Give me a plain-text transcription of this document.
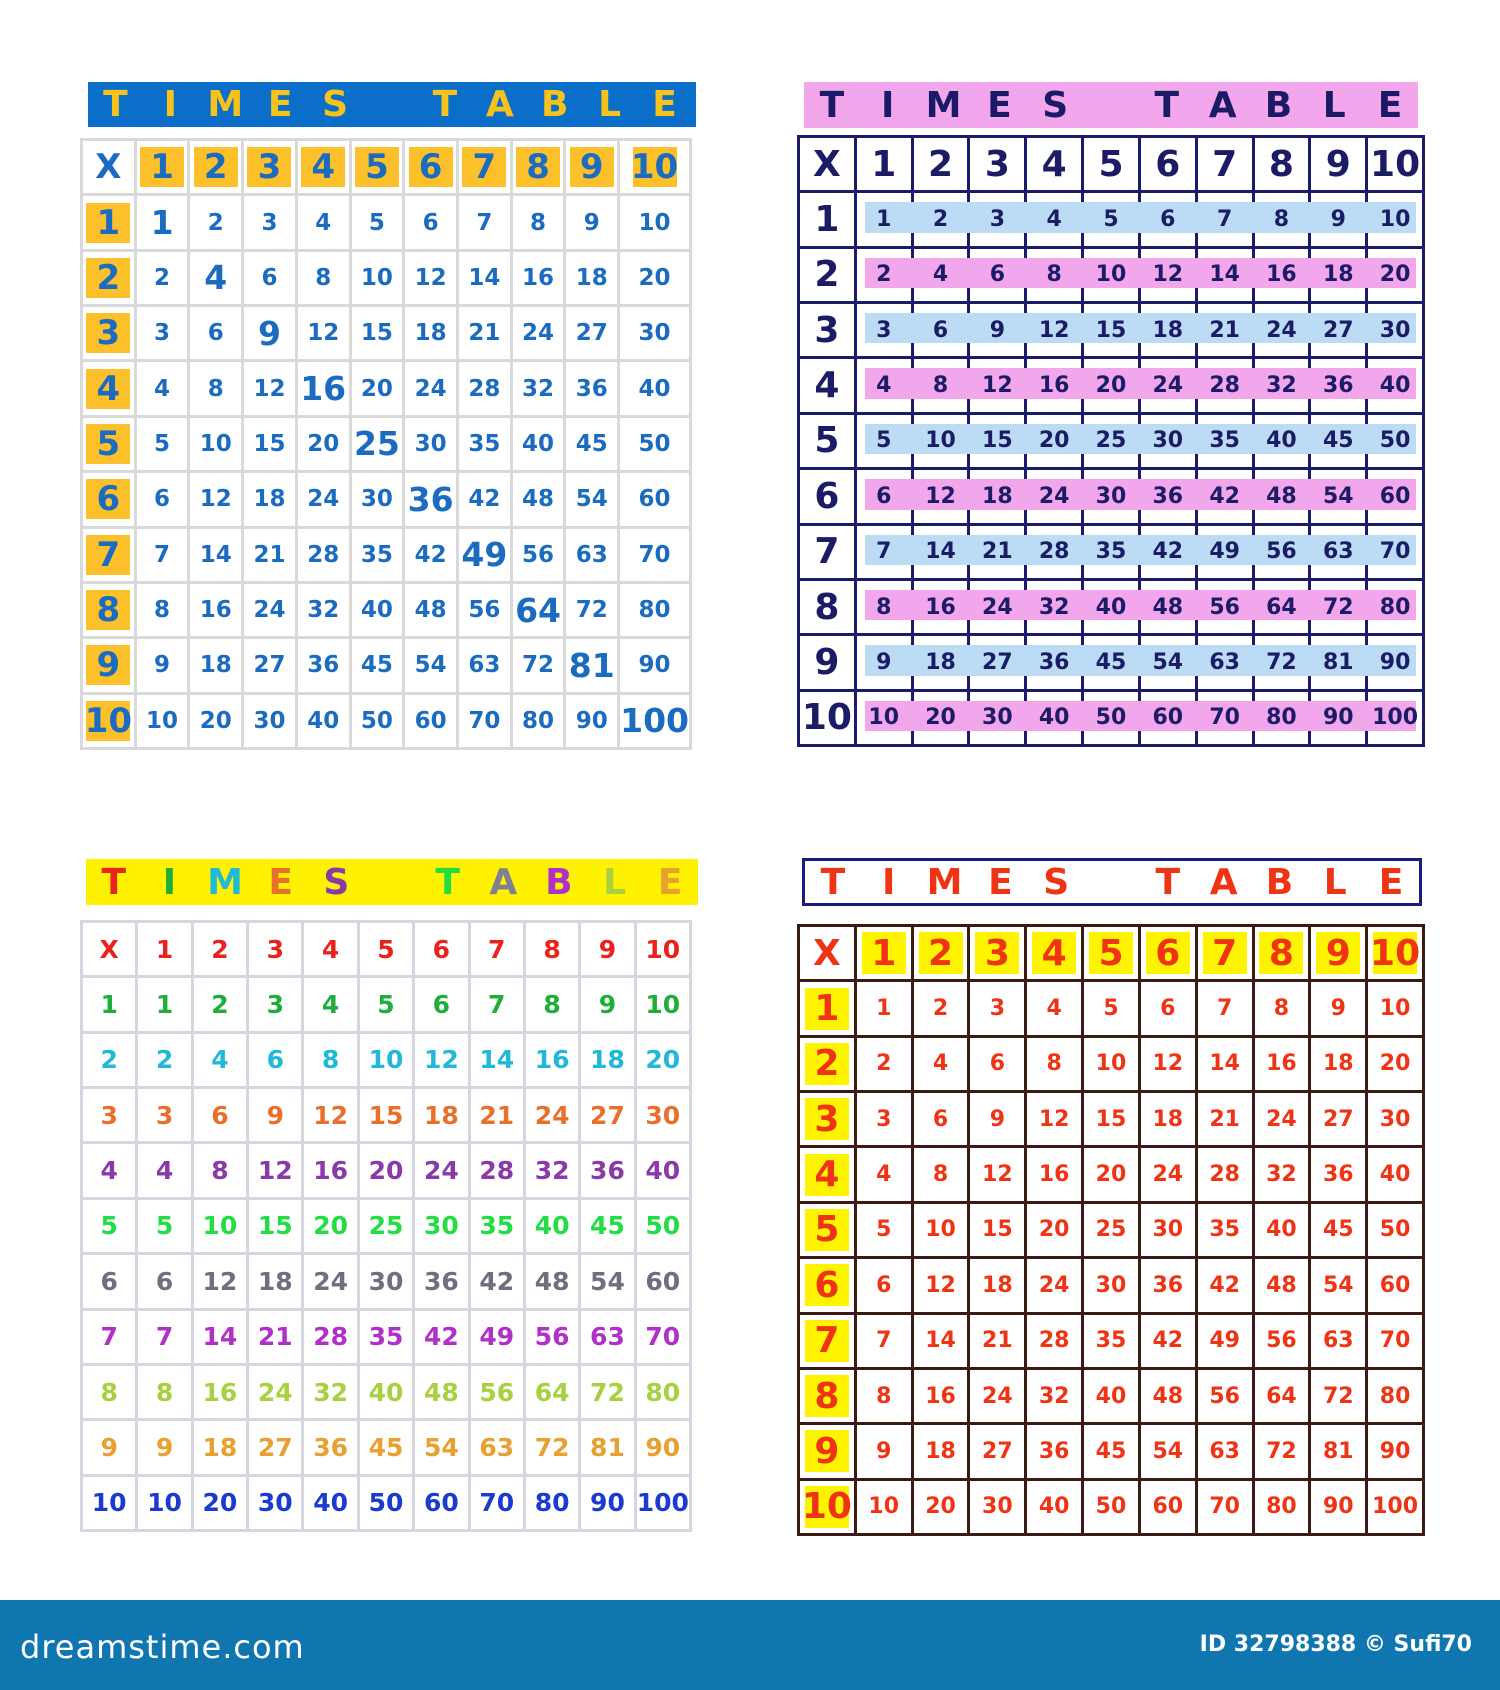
T I M E S	T A B L E
X 1 2 3 4 5 6 7 8 9 10
1 1 2 3 4 5 6 7 8 9 10
2	2 4 6 8 10 12 14 16 18 20
3	3 6 9 12 15 18 21 24 27 30
4	4 8 12 16 20 24 28 32 36 40
5	5 10 15 20 25 30 35 40 45 50
6	6 12 18 24 30 36 42 48 54 60
7	7 14 21 28 35 42 49 56 63 70
8	8 16 24 32 40 48 56 64 72 80
9	9 18 27 36 45 54 63 72 81 90
10 10 20 30 40 50 60 70 80 90 100
T	I M E S	T A B L E
X 1 2 3 4 5 6 7 8 9 10
1 1 2 3 4 5 6 7 8 9 10
2 2 4 6 8 10 12 14 16 18 20
3 3 6 9 12 15 18 21 24 27 30
4 4 8 12 16 20 24 28 32 36 40
5 5 10 15 20 25 30 35 40 45 50
6 6 12 18 24 30 36 42 48 54 60
7 7 14 21 28 35 42 49 56 63 70
8 8 16 24 32 40 48 56 64 72 80
9 9 18 27 36 45 54 63 72 81 90
10 10 20 30 40 50 60 70 80 90 100
T	I M E S	T A B L E
X 1 2 3 4 5 6 7 8 9 10
1 1 2 3 4 5 6 7 8 9 10
2 2 4 6 8 10 12 14 16 18 20
3 3 6 9 12 15 18 21 24 27 30
4 4 8 12 16 20 24 28 32 36 40
5 5 10 15 20 25 30 35 40 45 50
6 6 12 18 24 30 36 42 48 54 60
7 7 14 21 28 35 42 49 56 63 70
8 8 16 24 32 40 48 56 64 72 80
9 9 18 27 36 45 54 63 72 81 90
10 10 20 30 40 50 60 70 80 90 100
T	I M E S	T A B L E
X 1 2 3 4 5 6 7 8 9 10
1	1 2 3 4 5 6 7 8 9 10
2	2 4 6 8 10 12 14 16 18 20
3	3 6 9 12 15 18 21 24 27 30
4	4 8 12 16 20 24 28 32 36 40
5	5 10 15 20 25 30 35 40 45 50
6	6 12 18 24 30 36 42 48 54 60
7	7 14 21 28 35 42 49 56 63 70
8	8 16 24 32 40 48 56 64 72 80
9	9 18 27 36 45 54 63 72 81 90
10 10 20 30 40 50 60 70 80 90 100
dreamstime.com	ID 32798388 © Sufi70
